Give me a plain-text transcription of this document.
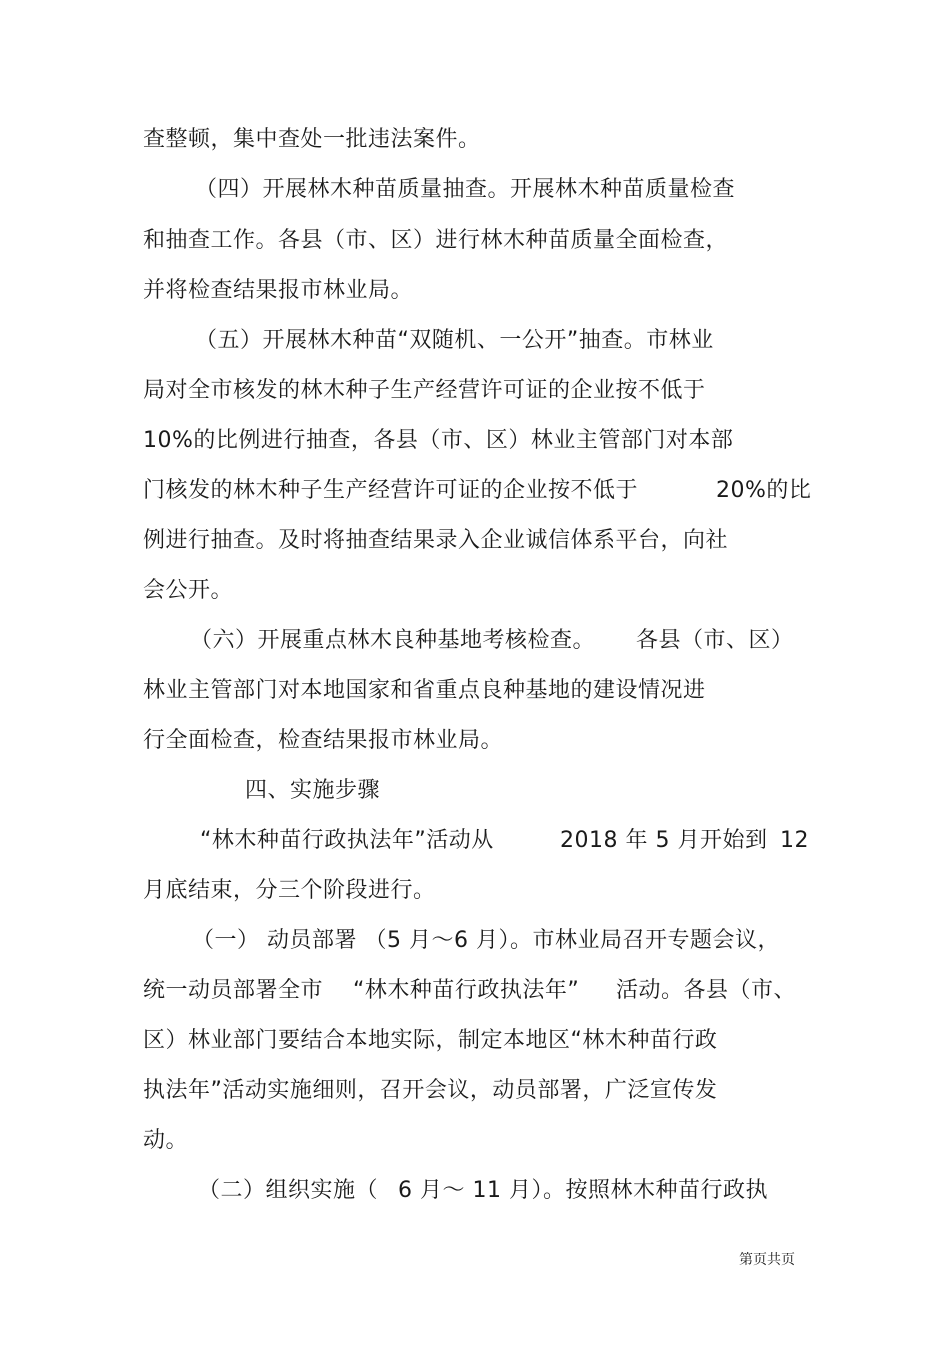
查整顿，集中查处一批违法案件。
（四）开展林木种苗质量抽查。开展林木种苗质量检查
和抽查工作。各县（市、区）进行林木种苗质量全面检查，
并将检查结果报市林业局。
（五）开展林木种苗“双随机、一公开”抽查。市林业
局对全市核发的林木种子生产经营许可证的企业按不低于
10%的比例进行抽查，各县（市、区）林业主管部门对本部
门核发的林木种子生产经营许可证的企业按不低于	20%的比
例进行抽查。及时将抽查结果录入企业诚信体系平台，向社
会公开。
（六）开展重点林木良种基地考核检查。 各县（市、区）
林业主管部门对本地国家和省重点良种基地的建设情况进
行全面检查，检查结果报市林业局。
四、实施步骤
“林木种苗行政执法年”活动从	2018 年 5 月开始到 12
月底结束，分三个阶段进行。
（一） 动员部署 （5 月～6 月）。市林业局召开专题会议，
统一动员部署全市 “林木种苗行政执法年” 活动。各县（市、
区）林业部门要结合本地实际，制定本地区“林木种苗行政
执法年”活动实施细则，召开会议，动员部署，广泛宣传发
动。
（二）组织实施（ 6 月～ 11 月）。按照林木种苗行政执
第页共页
